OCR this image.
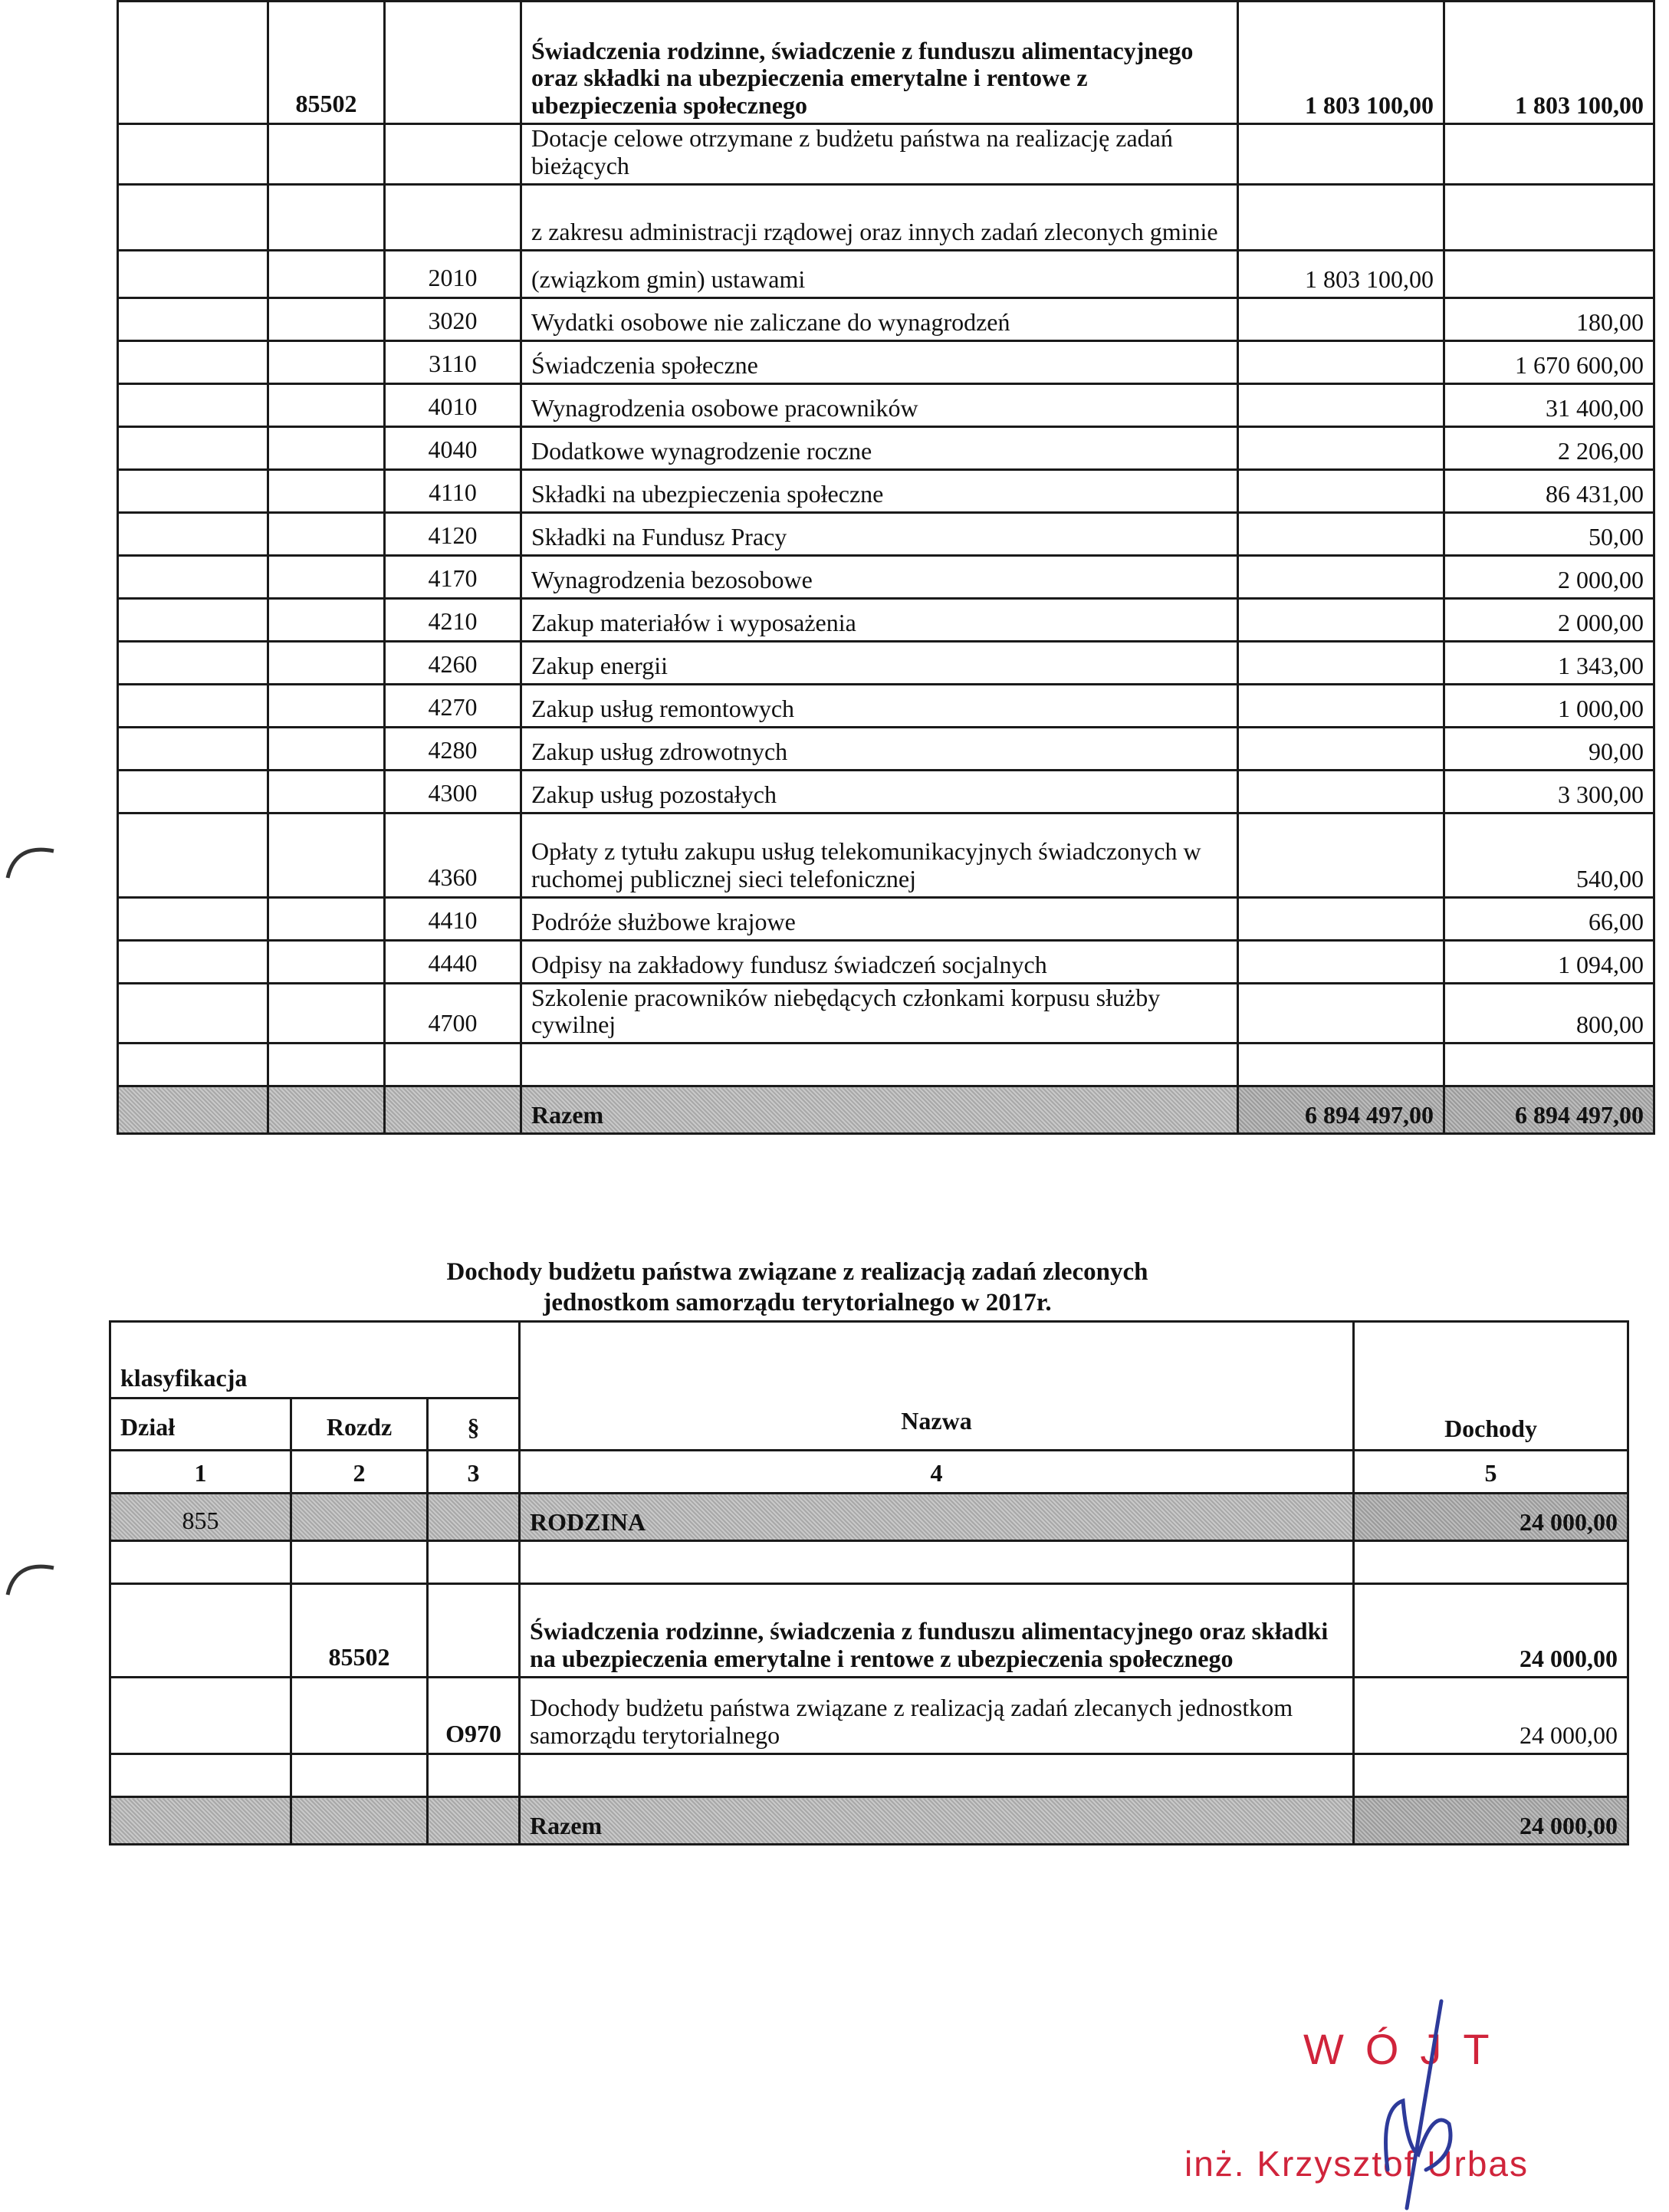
	85502		Świadczenia rodzinne, świadczenie z funduszu alimentacyjnego oraz składki na ubezpieczenia emerytalne i rentowe z ubezpieczenia społecznego	1 803 100,00	1 803 100,00
			Dotacje celowe otrzymane z budżetu państwa na realizację zadań bieżących		
			z zakresu administracji rządowej oraz innych zadań zleconych gminie		
		2010	(związkom gmin) ustawami	1 803 100,00	
		3020	Wydatki osobowe nie zaliczane do wynagrodzeń		180,00
		3110	Świadczenia społeczne		1 670 600,00
		4010	Wynagrodzenia osobowe pracowników		31 400,00
		4040	Dodatkowe wynagrodzenie roczne		2 206,00
		4110	Składki na ubezpieczenia społeczne		86 431,00
		4120	Składki na Fundusz Pracy		50,00
		4170	Wynagrodzenia bezosobowe		2 000,00
		4210	Zakup materiałów i wyposażenia		2 000,00
		4260	Zakup energii		1 343,00
		4270	Zakup usług remontowych		1 000,00
		4280	Zakup usług zdrowotnych		90,00
		4300	Zakup usług pozostałych		3 300,00
		4360	Opłaty z tytułu zakupu usług telekomunikacyjnych świadczonych w ruchomej publicznej sieci telefonicznej		540,00
		4410	Podróże służbowe krajowe		66,00
		4440	Odpisy na zakładowy fundusz świadczeń socjalnych		1 094,00
		4700	Szkolenie pracowników niebędących członkami korpusu służby cywilnej		800,00

			Razem	6 894 497,00	6 894 497,00
Dochody budżetu państwa związane z realizacją zadań zleconych
jednostkom samorządu terytorialnego w 2017r.
klasyfikacja			Nazwa	Dochody
Dział	Rozdz	§		
1	2	3	4	5
855			RODZINA	24 000,00

	85502		Świadczenia rodzinne, świadczenia z funduszu alimentacyjnego oraz składki na ubezpieczenia emerytalne i rentowe z ubezpieczenia społecznego	24 000,00
		O970	Dochody budżetu państwa związane z realizacją zadań zlecanych jednostkom samorządu terytorialnego	24 000,00

			Razem	24 000,00
WÓJT
inż. Krzysztof Urbas
